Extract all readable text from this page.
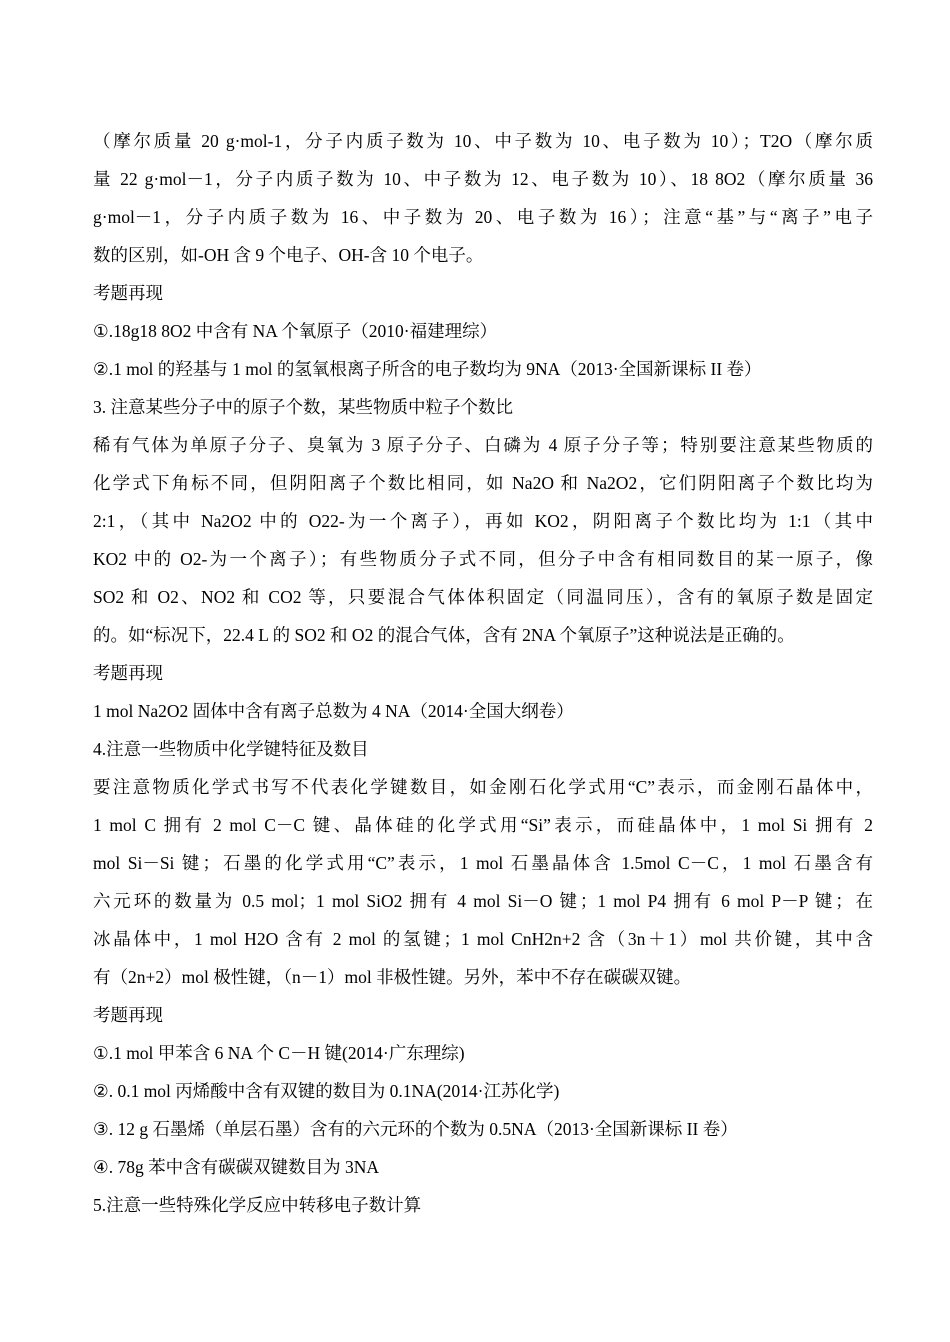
（摩尔质量 20 g·mol-1，分子内质子数为 10、中子数为 10、电子数为 10）；T2O（摩尔质
量 22 g·mol－1，分子内质子数为 10、中子数为 12、电子数为 10）、18 8O2（摩尔质量 36
g·mol－1，分子内质子数为 16、中子数为 20、电子数为 16）；注意“基”与“离子”电子
数的区别，如-OH 含 9 个电子、OH-含 10 个电子。
考题再现
①.18g18 8O2 中含有 NA 个氧原子（2010·福建理综）
②.1 mol 的羟基与 1 mol 的氢氧根离子所含的电子数均为 9NA（2013·全国新课标 II 卷）
3. 注意某些分子中的原子个数，某些物质中粒子个数比
稀有气体为单原子分子、臭氧为 3 原子分子、白磷为 4 原子分子等；特别要注意某些物质的
化学式下角标不同，但阴阳离子个数比相同，如 Na2O 和 Na2O2，它们阴阳离子个数比均为
2:1，（其中 Na2O2 中的 O22-为一个离子），再如 KO2，阴阳离子个数比均为 1:1（其中
KO2 中的 O2-为一个离子）；有些物质分子式不同，但分子中含有相同数目的某一原子，像
SO2 和 O2、NO2 和 CO2 等，只要混合气体体积固定（同温同压），含有的氧原子数是固定
的。如“标况下，22.4 L 的 SO2 和 O2 的混合气体，含有 2NA 个氧原子”这种说法是正确的。
考题再现
1 mol Na2O2 固体中含有离子总数为 4 NA（2014·全国大纲卷）
4.注意一些物质中化学键特征及数目
要注意物质化学式书写不代表化学键数目，如金刚石化学式用“C”表示，而金刚石晶体中，
1 mol C 拥有 2 mol C－C 键、晶体硅的化学式用“Si”表示，而硅晶体中，1 mol Si 拥有 2
mol Si－Si 键；石墨的化学式用“C”表示，1 mol 石墨晶体含 1.5mol C－C，1 mol 石墨含有
六元环的数量为 0.5 mol；1 mol SiO2 拥有 4 mol Si－O 键；1 mol P4 拥有 6 mol P－P 键；在
冰晶体中，1 mol H2O 含有 2 mol 的氢键；1 mol CnH2n+2 含（3n＋1）mol 共价键，其中含
有（2n+2）mol 极性键，（n－1）mol 非极性键。另外，苯中不存在碳碳双键。
考题再现
①.1 mol 甲苯含 6 NA 个 C－H 键(2014·广东理综)
②. 0.1 mol 丙烯酸中含有双键的数目为 0.1NA(2014·江苏化学)
③. 12 g 石墨烯（单层石墨）含有的六元环的个数为 0.5NA（2013·全国新课标 II 卷）
④. 78g 苯中含有碳碳双键数目为 3NA
5.注意一些特殊化学反应中转移电子数计算
